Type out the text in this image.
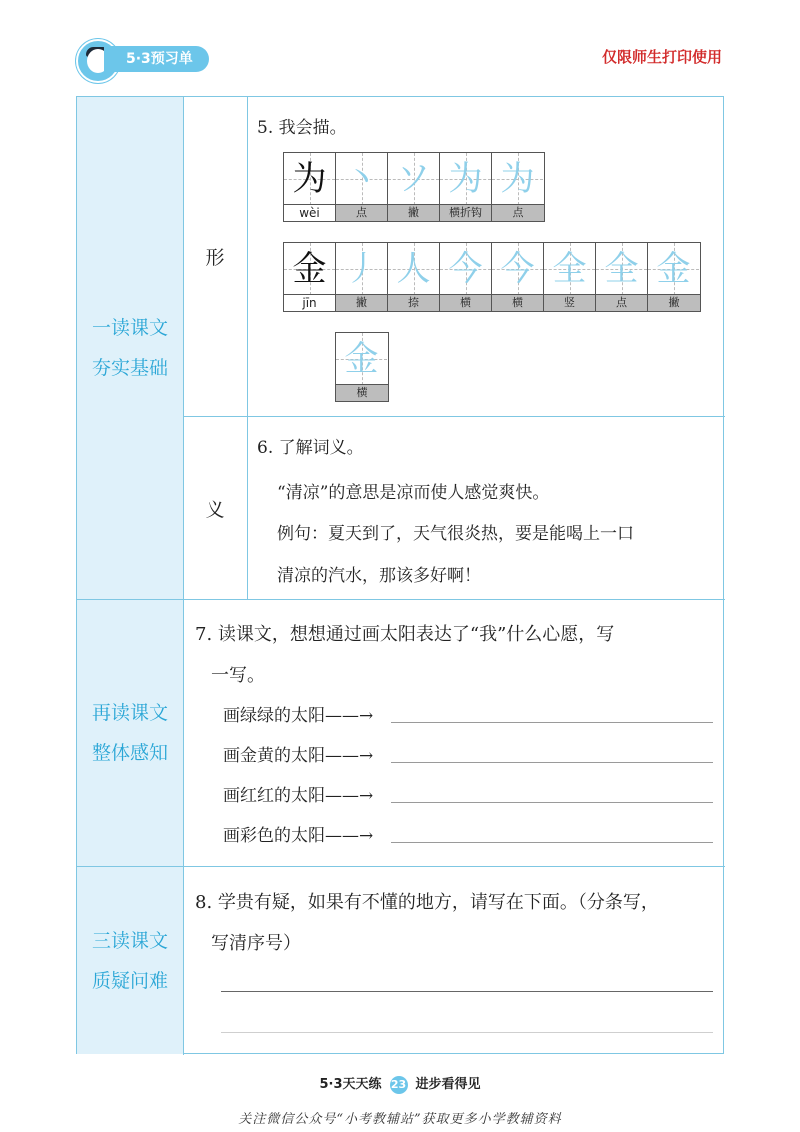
5·3预习单	仅限师生打印使用
一读课文
夯实基础
再读课文
整体感知
三读课文
质疑问难
形
义
5. 我会描。
为
wèi
丶
点
ソ
撇
为
横折钩
为
点
金
jīn
丿
撇
人
捺
今
横
今
横
全
竖
全
点
金
撇
金
横
6. 了解词义。
“清凉”的意思是凉而使人感觉爽快。
例句：夏天到了，天气很炎热，要是能喝上一口
清凉的汽水，那该多好啊！
7. 读课文，想想通过画太阳表达了“我”什么心愿，写
一写。
画绿绿的太阳——→
画金黄的太阳——→
画红红的太阳——→
画彩色的太阳——→
8. 学贵有疑，如果有不懂的地方，请写在下面。（分条写，
写清序号）
5·3天天练 23 进步看得见
关注微信公众号“小考教辅站”获取更多小学教辅资料
